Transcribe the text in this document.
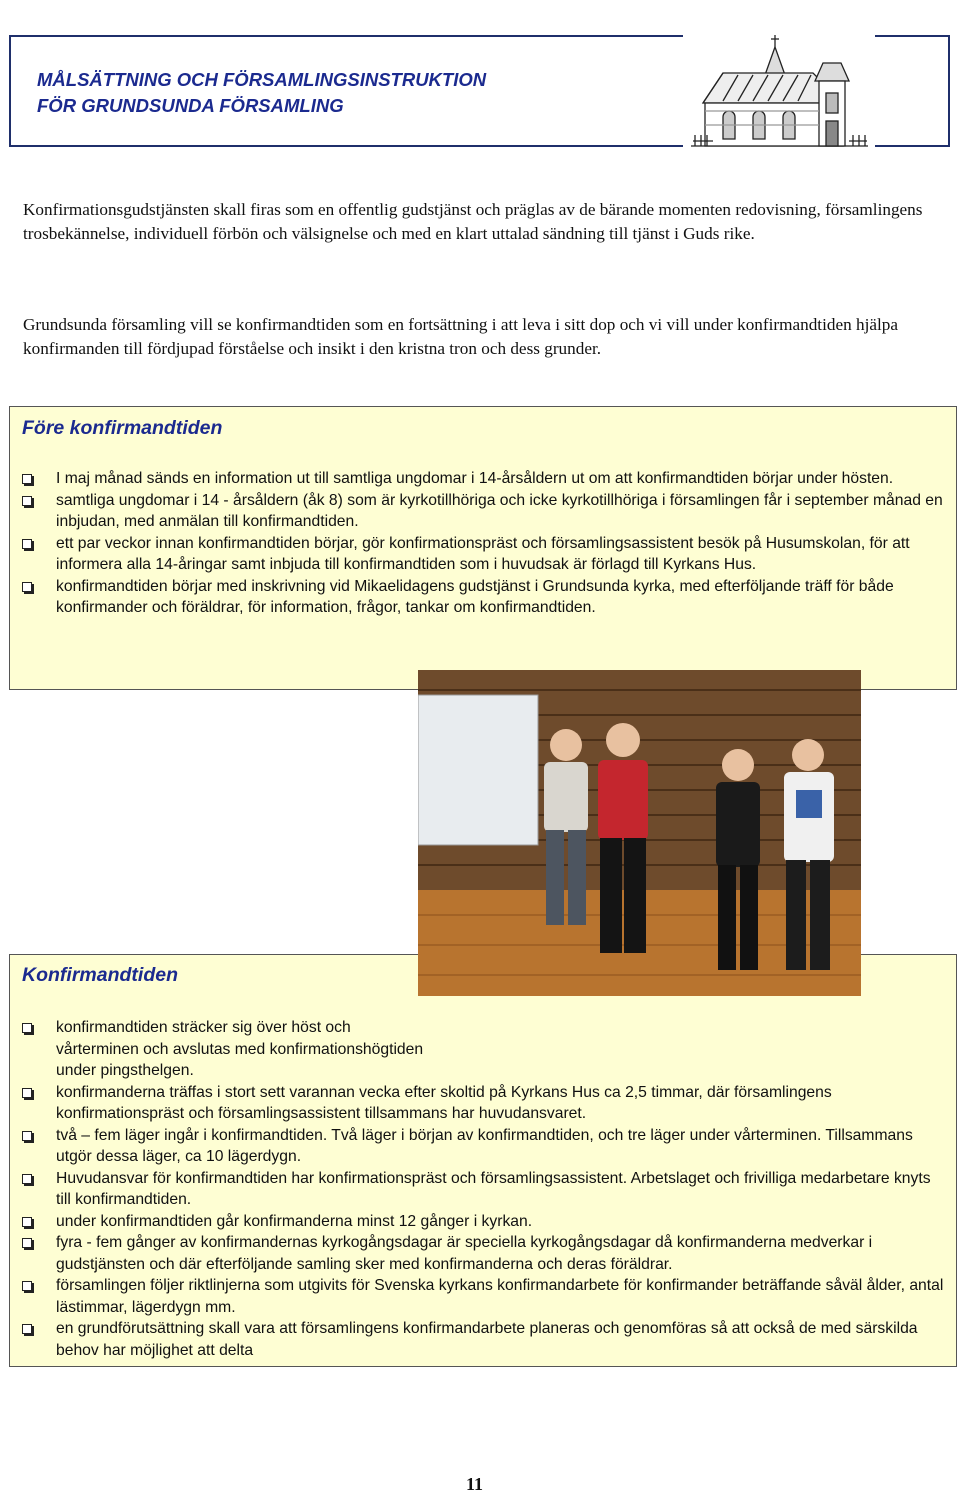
MÅLSÄTTNING OCH FÖRSAMLINGSINSTRUKTION
FÖR GRUNDSUNDA FÖRSAMLING
Konfirmationsgudstjänsten skall firas som en offentlig gudstjänst och präglas av de bärande momenten redovisning, församlingens trosbekännelse, individuell förbön och välsignelse och med en klart uttalad sändning till tjänst i Guds rike.
Grundsunda församling vill se konfirmandtiden som en fortsättning i att leva i sitt dop och vi vill under konfirmandtiden hjälpa konfirmanden till fördjupad förståelse och insikt i den kristna tron och dess grunder.
Före konfirmandtiden
I maj månad sänds en information ut till samtliga ungdomar i 14-årsåldern ut om att konfirmandtiden börjar under hösten.
samtliga ungdomar i 14 - årsåldern (åk 8) som är kyrkotillhöriga och icke kyrkotillhöriga i församlingen får i september månad en inbjudan, med anmälan till konfirmandtiden.
ett par veckor innan konfirmandtiden börjar, gör konfirmationspräst och församlingsassistent besök på Husumskolan, för att informera alla 14-åringar samt inbjuda till konfirmandtiden som i huvudsak är förlagd till Kyrkans Hus.
konfirmandtiden börjar med inskrivning vid Mikaelidagens gudstjänst i Grundsunda kyrka, med efterföljande träff för både konfirmander och föräldrar, för information, frågor, tankar om konfirmandtiden.
Konfirmandtiden
konfirmandtiden sträcker sig över höst och vårterminen och avslutas med konfirmationshögtiden under pingsthelgen.
konfirmanderna träffas i stort sett varannan vecka efter skoltid på Kyrkans Hus ca 2,5 timmar, där församlingens konfirmationspräst och församlingsassistent tillsammans har huvudansvaret.
två – fem läger ingår i konfirmandtiden. Två läger i början av konfirmandtiden, och tre läger under vårterminen. Tillsammans utgör dessa läger, ca 10 lägerdygn.
Huvudansvar för konfirmandtiden har konfirmationspräst och församlingsassistent. Arbetslaget och frivilliga medarbetare knyts till konfirmandtiden.
under konfirmandtiden går konfirmanderna minst 12 gånger i kyrkan.
fyra - fem gånger av konfirmandernas kyrkogångsdagar är speciella kyrkogångsdagar då konfirmanderna medverkar i gudstjänsten och där efterföljande samling sker med konfirmanderna och deras föräldrar.
församlingen följer riktlinjerna som utgivits för Svenska kyrkans konfirmandarbete för konfirmander beträffande såväl ålder, antal lästimmar, lägerdygn mm.
en grundförutsättning skall vara att församlingens konfirmandarbete planeras och genomföras så att också de med särskilda behov har möjlighet att delta
11
